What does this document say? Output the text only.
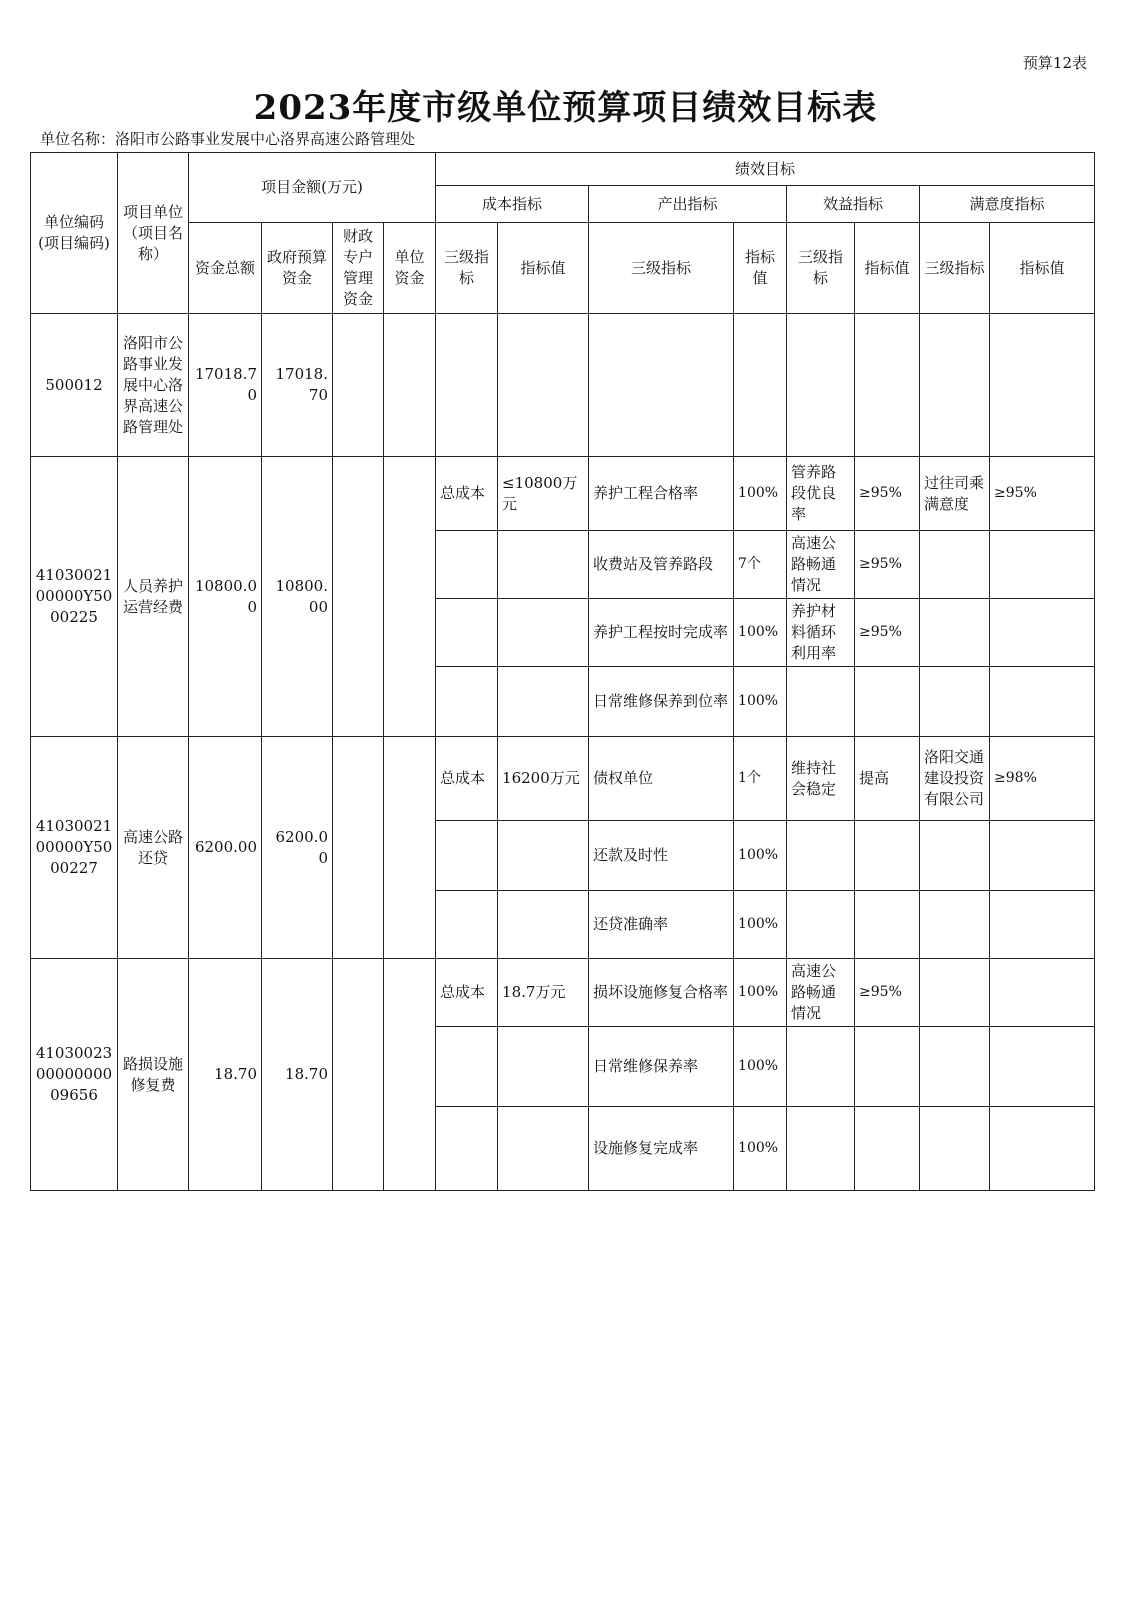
预算12表
2023年度市级单位预算项目绩效目标表
单位名称：洛阳市公路事业发展中心洛界高速公路管理处
单位编码(项目编码)	项目单位（项目名称）	项目金额(万元)				绩效目标							
						成本指标		产出指标		效益指标		满意度指标	
		资金总额	政府预算资金	财政专户管理资金	单位资金	三级指标	指标值	三级指标	指标值	三级指标	指标值	三级指标	指标值
500012	洛阳市公路事业发展中心洛界高速公路管理处	17018.70	17018.70										
4103002100000Y5000225	人员养护运营经费	10800.00	10800.00			总成本	≤10800万元	养护工程合格率	100%	管养路段优良率	≥95%	过往司乘满意度	≥95%
								收费站及管养路段	7个	高速公路畅通情况	≥95%		
								养护工程按时完成率	100%	养护材料循环利用率	≥95%		
								日常维修保养到位率	100%				
4103002100000Y5000227	高速公路还贷	6200.00	6200.00			总成本	16200万元	债权单位	1个	维持社会稳定	提高	洛阳交通建设投资有限公司	≥98%
								还款及时性	100%				
								还贷准确率	100%				
410300230000000009656	路损设施修复费	18.70	18.70			总成本	18.7万元	损坏设施修复合格率	100%	高速公路畅通情况	≥95%		
								日常维修保养率	100%				
								设施修复完成率	100%				
